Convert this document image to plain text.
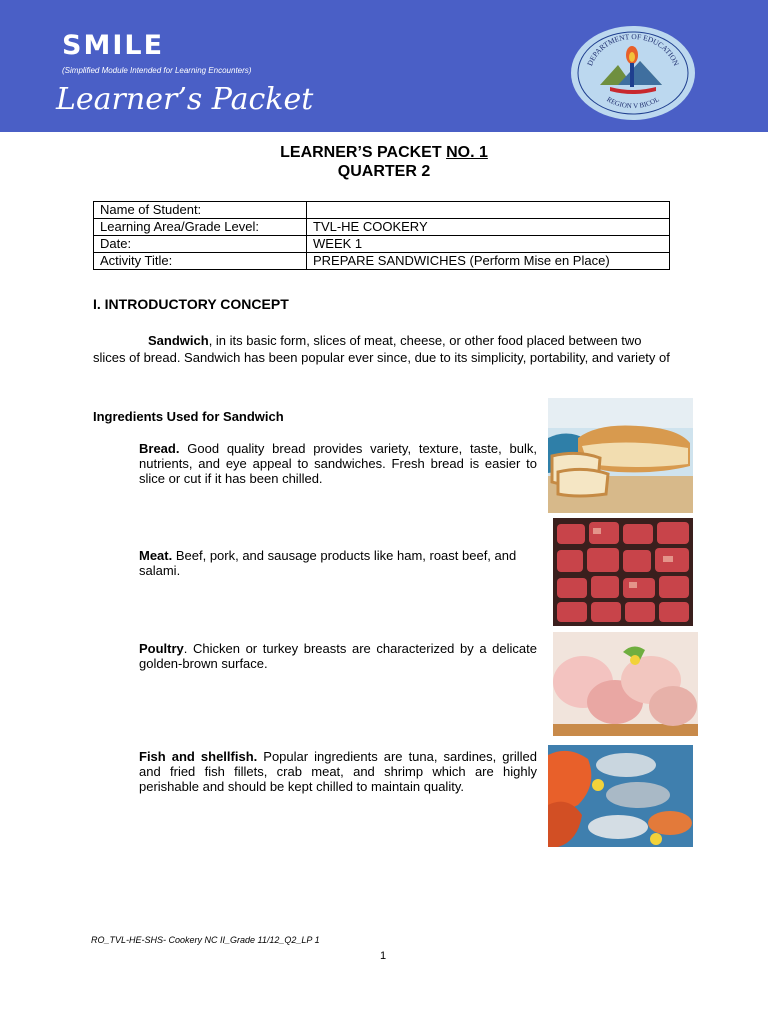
SMILE
(Simplified Module Intended for Learning Encounters)
Learner’s Packet
DEPARTMENT OF EDUCATION
REGION V BICOL
LEARNER’S PACKET NO. 1
QUARTER 2
Name of Student:	
Learning Area/Grade Level:	TVL-HE COOKERY
Date:	WEEK 1
Activity Title:	PREPARE SANDWICHES (Perform Mise en Place)
I. INTRODUCTORY CONCEPT
Sandwich, in its basic form, slices of meat, cheese, or other food placed between two slices of bread. Sandwich has been popular ever since, due to its simplicity, portability, and variety of
Ingredients Used for Sandwich
Bread. Good quality bread provides variety, texture, taste, bulk, nutrients, and eye appeal to sandwiches. Fresh bread is easier to slice or cut if it has been chilled.
Meat. Beef, pork, and sausage products like ham, roast beef, and salami.
Poultry. Chicken or turkey breasts are characterized by a delicate golden-brown surface.
Fish and shellfish. Popular ingredients are tuna, sardines, grilled and fried fish fillets, crab meat, and shrimp which are highly perishable and should be kept chilled to maintain quality.
RO_TVL-HE-SHS- Cookery NC II_Grade 11/12_Q2_LP 1
1
